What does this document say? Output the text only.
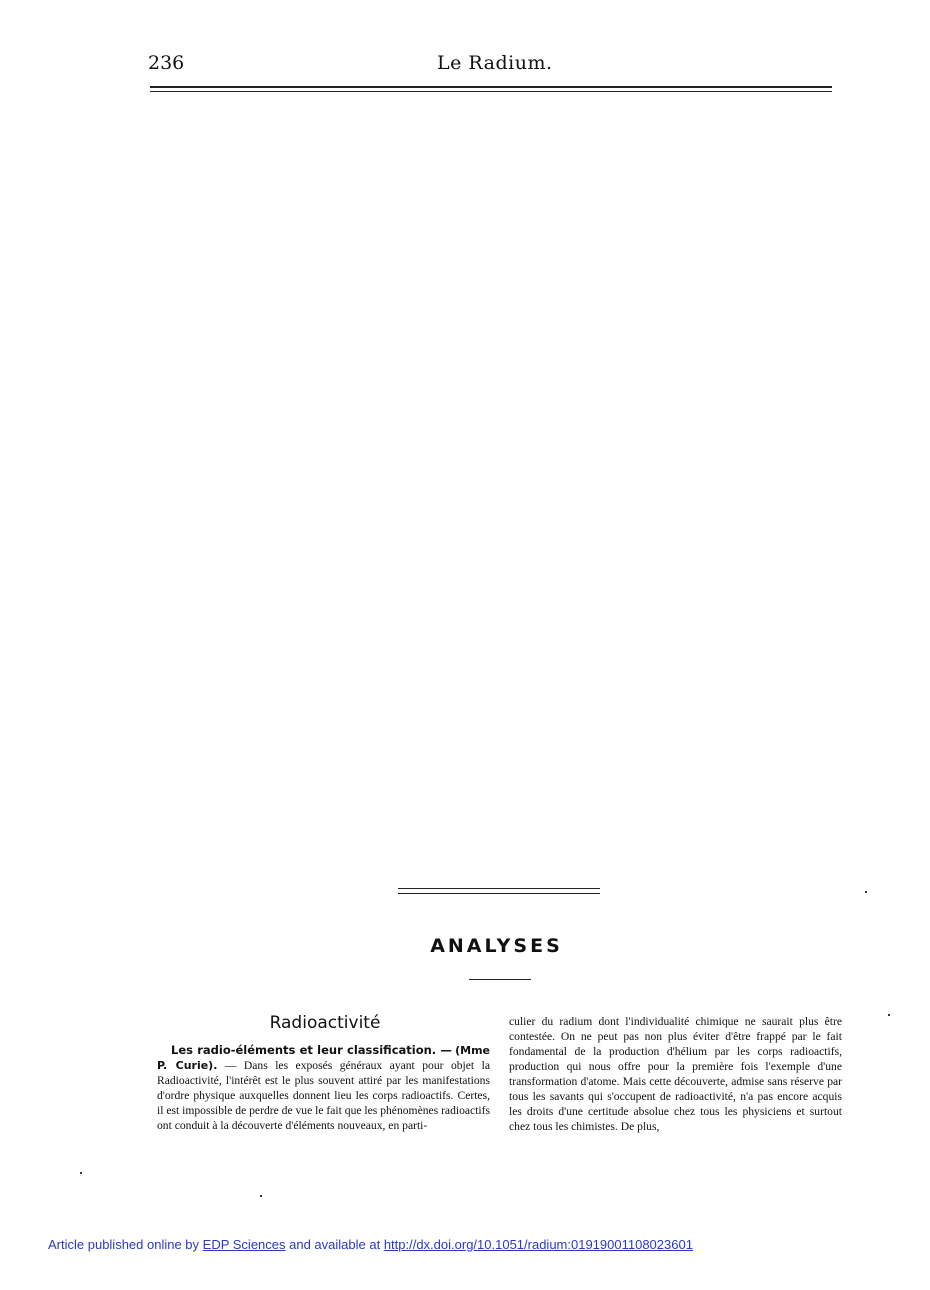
236	Le Radium.
ANALYSES
Radioactivité
Les radio-éléments et leur classification. — (Mme P. Curie). — Dans les exposés généraux ayant pour objet la Radioactivité, l'intérêt est le plus souvent attiré par les manifestations d'ordre physique auxquelles donnent lieu les corps radioactifs. Certes, il est impossible de perdre de vue le fait que les phénomènes radioactifs ont conduit à la découverte d'éléments nouveaux, en parti-
culier du radium dont l'individualité chimique ne saurait plus être contestée. On ne peut pas non plus éviter d'être frappé par le fait fondamental de la production d'hélium par les corps radioactifs, production qui nous offre pour la première fois l'exemple d'une transformation d'atome. Mais cette découverte, admise sans réserve par tous les savants qui s'occupent de radioactivité, n'a pas encore acquis les droits d'une certitude absolue chez tous les physiciens et surtout chez tous les chimistes. De plus,
Article published online by EDP Sciences and available at http://dx.doi.org/10.1051/radium:01919001108023601
